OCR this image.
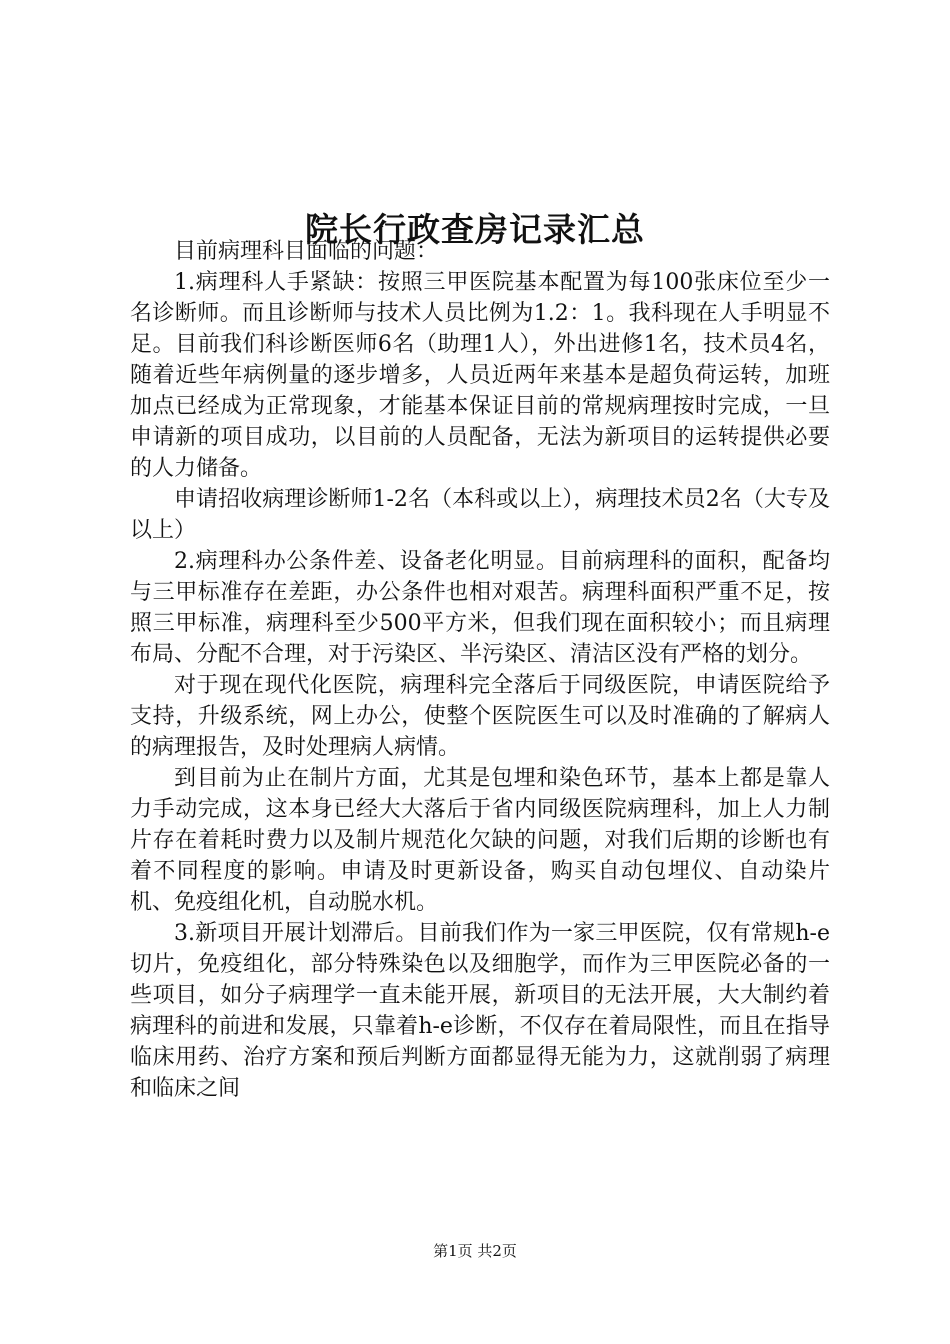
院长行政查房记录汇总

目前病理科目面临的问题：

1.病理科人手紧缺：按照三甲医院基本配置为每100张床位至少一名诊断师。而且诊断师与技术人员比例为1.2：1。我科现在人手明显不足。目前我们科诊断医师6名（助理1人），外出进修1名，技术员4名，随着近些年病例量的逐步增多，人员近两年来基本是超负荷运转，加班加点已经成为正常现象，才能基本保证目前的常规病理按时完成，一旦申请新的项目成功，以目前的人员配备，无法为新项目的运转提供必要的人力储备。

申请招收病理诊断师1-2名（本科或以上），病理技术员2名（大专及以上）

2.病理科办公条件差、设备老化明显。目前病理科的面积，配备均与三甲标准存在差距，办公条件也相对艰苦。病理科面积严重不足，按照三甲标准，病理科至少500平方米，但我们现在面积较小；而且病理布局、分配不合理，对于污染区、半污染区、清洁区没有严格的划分。

对于现在现代化医院，病理科完全落后于同级医院，申请医院给予支持，升级系统，网上办公，使整个医院医生可以及时准确的了解病人的病理报告，及时处理病人病情。

到目前为止在制片方面，尤其是包埋和染色环节，基本上都是靠人力手动完成，这本身已经大大落后于省内同级医院病理科，加上人力制片存在着耗时费力以及制片规范化欠缺的问题，对我们后期的诊断也有着不同程度的影响。申请及时更新设备，购买自动包埋仪、自动染片机、免疫组化机，自动脱水机。

3.新项目开展计划滞后。目前我们作为一家三甲医院，仅有常规h-e切片，免疫组化，部分特殊染色以及细胞学，而作为三甲医院必备的一些项目，如分子病理学一直未能开展，新项目的无法开展，大大制约着病理科的前进和发展，只靠着h-e诊断，不仅存在着局限性，而且在指导临床用药、治疗方案和预后判断方面都显得无能为力，这就削弱了病理和临床之间

第1页 共2页
